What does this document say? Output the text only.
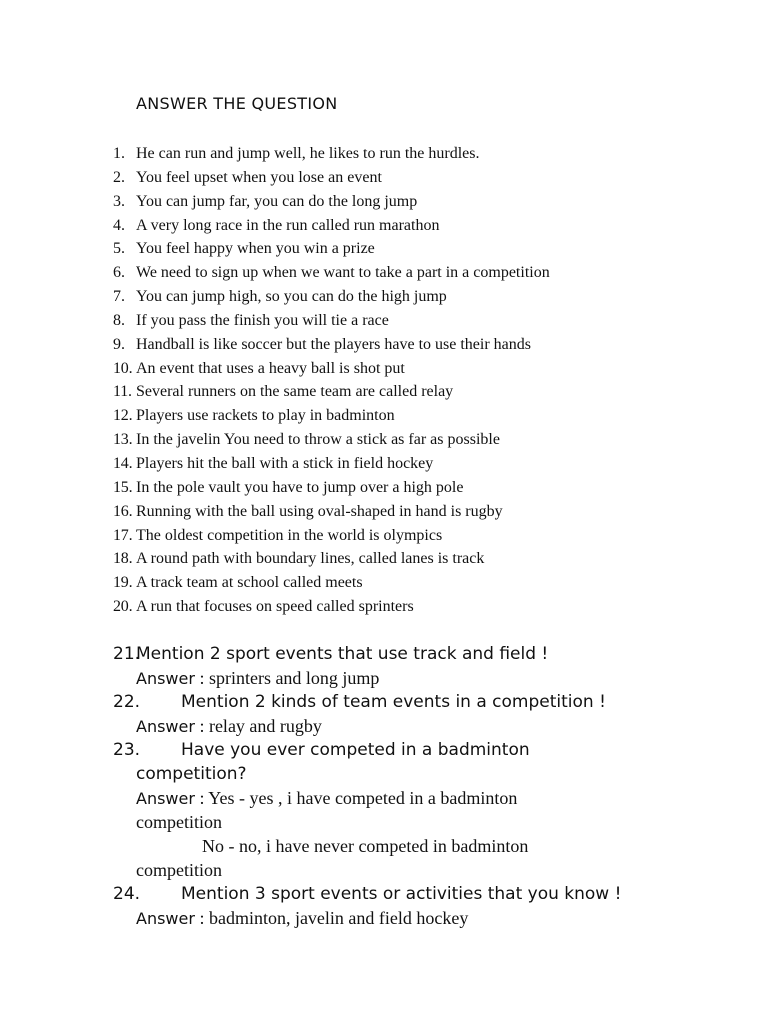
ANSWER THE QUESTION
1. He can run and jump well, he likes to run the hurdles.
2. You feel upset when you lose an event
3. You can jump far, you can do the long jump
4. A very long race in the run called run marathon
5. You feel happy when you win a prize
6. We need to sign up when we want to take a part in a competition
7. You can jump high, so you can do the high jump
8. If you pass the finish you will tie a race
9. Handball is like soccer but the players have to use their hands
10. An event that uses a heavy ball is shot put
11. Several runners on the same team are called relay
12. Players use rackets to play in badminton
13. In the javelin You need to throw a stick as far as possible
14. Players hit the ball with a stick in field hockey
15. In the pole vault you have to jump over a high pole
16. Running with the ball using oval-shaped in hand is rugby
17. The oldest competition in the world is olympics
18. A round path with boundary lines, called lanes is track
19. A track team at school called meets
20. A run that focuses on speed called sprinters
21.
Mention 2 sport events that use track and field !
Answer : sprinters and long jump
22. Mention 2 kinds of team events in a competition !
Answer : relay and rugby
23. Have you ever competed in a badminton
competition?
Answer : Yes - yes , i have competed in a badminton
competition
No - no, i have never competed in badminton
competition
24. Mention 3 sport events or activities that you know !
Answer : badminton, javelin and field hockey
